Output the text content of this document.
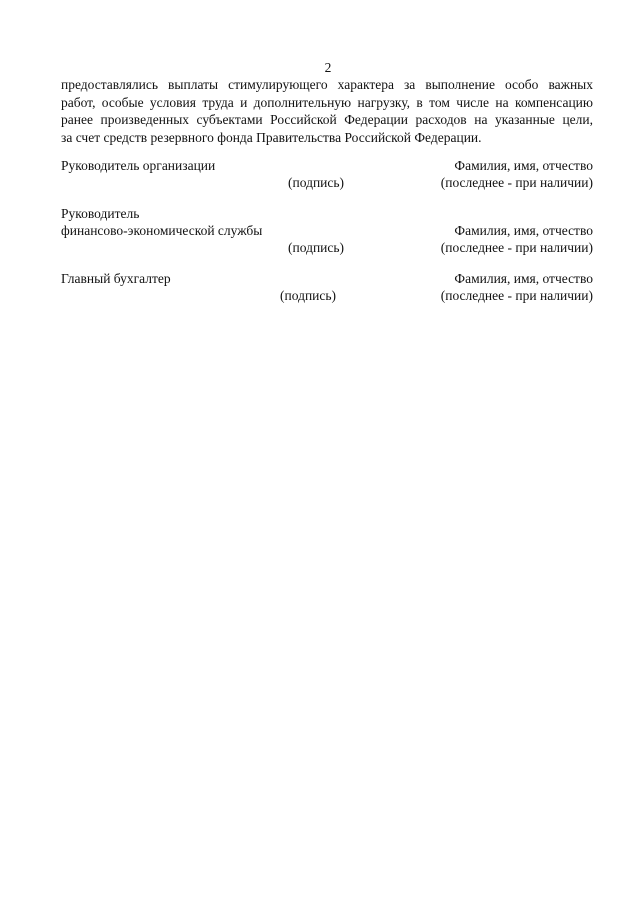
2
предоставлялись выплаты стимулирующего характера за выполнение особо важных
работ, особые условия труда и дополнительную нагрузку, в том числе на компенсацию
ранее произведенных субъектами Российской Федерации расходов на указанные цели,
за счет средств резервного фонда Правительства Российской Федерации.
Руководитель организации	Фамилия, имя, отчество
(подпись)	(последнее - при наличии)
Руководитель
финансово-экономической службы	Фамилия, имя, отчество
(подпись)	(последнее - при наличии)
Главный бухгалтер	Фамилия, имя, отчество
(подпись)	(последнее - при наличии)
